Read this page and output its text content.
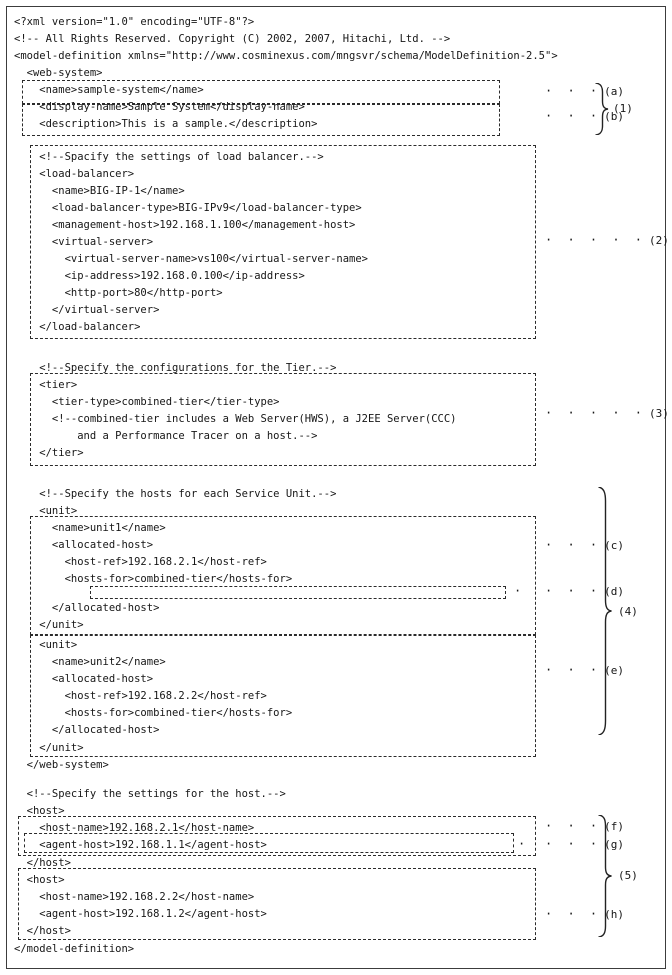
<?xml version="1.0" encoding="UTF-8"?>
<!-- All Rights Reserved. Copyright (C) 2002, 2007, Hitachi, Ltd. -->
<model-definition xmlns="http://www.cosminexus.com/mngsvr/schema/ModelDefinition-2.5">
<web-system>
<name>sample-system</name>
<display-name>Sample System</display-name>
<description>This is a sample.</description>
<!--Spacify the settings of load balancer.-->
<load-balancer>
<name>BIG-IP-1</name>
<load-balancer-type>BIG-IPv9</load-balancer-type>
<management-host>192.168.1.100</management-host>
<virtual-server>
<virtual-server-name>vs100</virtual-server-name>
<ip-address>192.168.0.100</ip-address>
<http-port>80</http-port>
</virtual-server>
</load-balancer>
<!--Specify the configurations for the Tier.-->
<tier>
<tier-type>combined-tier</tier-type>
<!--combined-tier includes a Web Server(HWS), a J2EE Server(CCC)
and a Performance Tracer on a host.-->
</tier>
<!--Specify the hosts for each Service Unit.-->
<unit>
<name>unit1</name>
<allocated-host>
<host-ref>192.168.2.1</host-ref>
<hosts-for>combined-tier</hosts-for>
</allocated-host>
</unit>
<unit>
<name>unit2</name>
<allocated-host>
<host-ref>192.168.2.2</host-ref>
<hosts-for>combined-tier</hosts-for>
</allocated-host>
</unit>
</web-system>
<!--Specify the settings for the host.-->
<host>
<host-name>192.168.2.1</host-name>
<agent-host>192.168.1.1</agent-host>
</host>
<host>
<host-name>192.168.2.2</host-name>
<agent-host>192.168.1.2</agent-host>
</host>
</model-definition>
· · · (a)
· · · (b)
· · · · · (2)
· · · · · (3)
· · · (c)
· · · · (d)
· · · (e)
· · · (f)
· · · · (g)
· · · (h)
(1)
(4)
(5)
